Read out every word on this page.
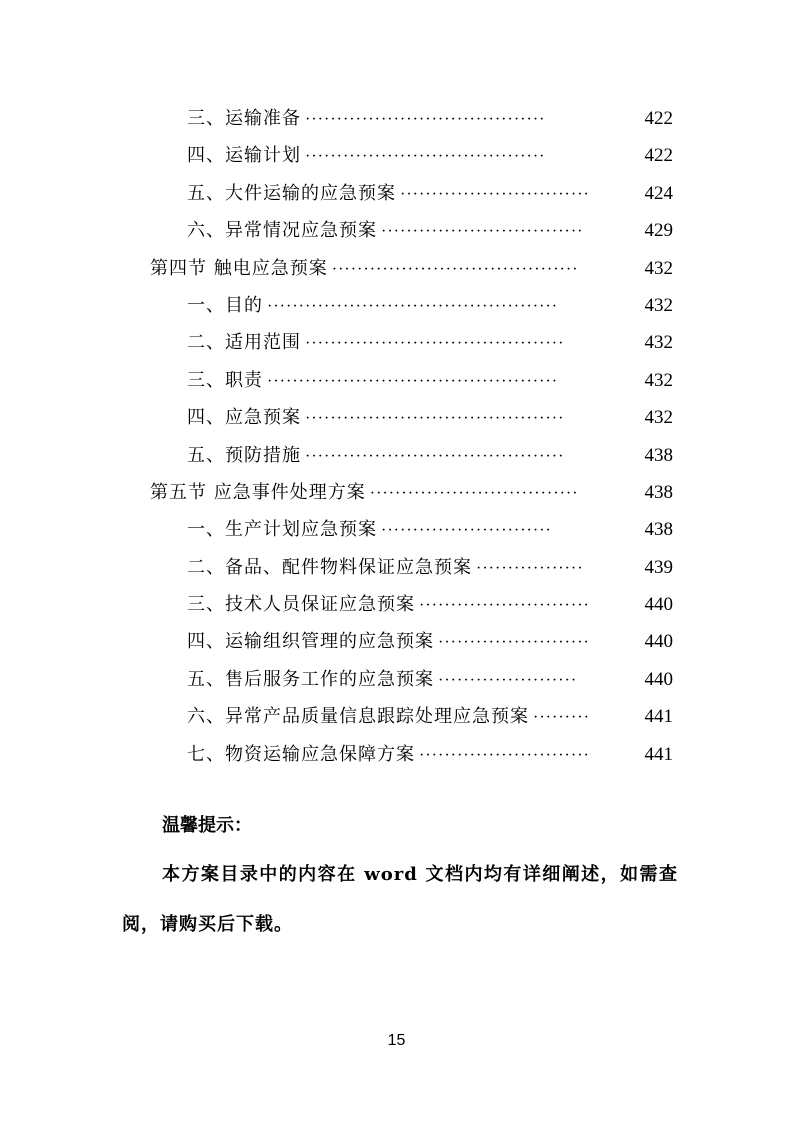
三、运输准备 ······································	422
四、运输计划 ······································	422
五、大件运输的应急预案 ······························	424
六、异常情况应急预案 ································	429
第四节 触电应急预案 ·······································	432
一、目的 ··············································	432
二、适用范围 ·········································	432
三、职责 ··············································	432
四、应急预案 ·········································	432
五、预防措施 ·········································	438
第五节 应急事件处理方案 ·································	438
一、生产计划应急预案 ···························	438
二、备品、配件物料保证应急预案 ·················	439
三、技术人员保证应急预案 ···························	440
四、运输组织管理的应急预案 ························	440
五、售后服务工作的应急预案 ······················	440
六、异常产品质量信息跟踪处理应急预案 ·········	441
七、物资运输应急保障方案 ···························	441
温馨提示：
本方案目录中的内容在 word 文档内均有详细阐述，如需查阅，请购买后下载。
15
